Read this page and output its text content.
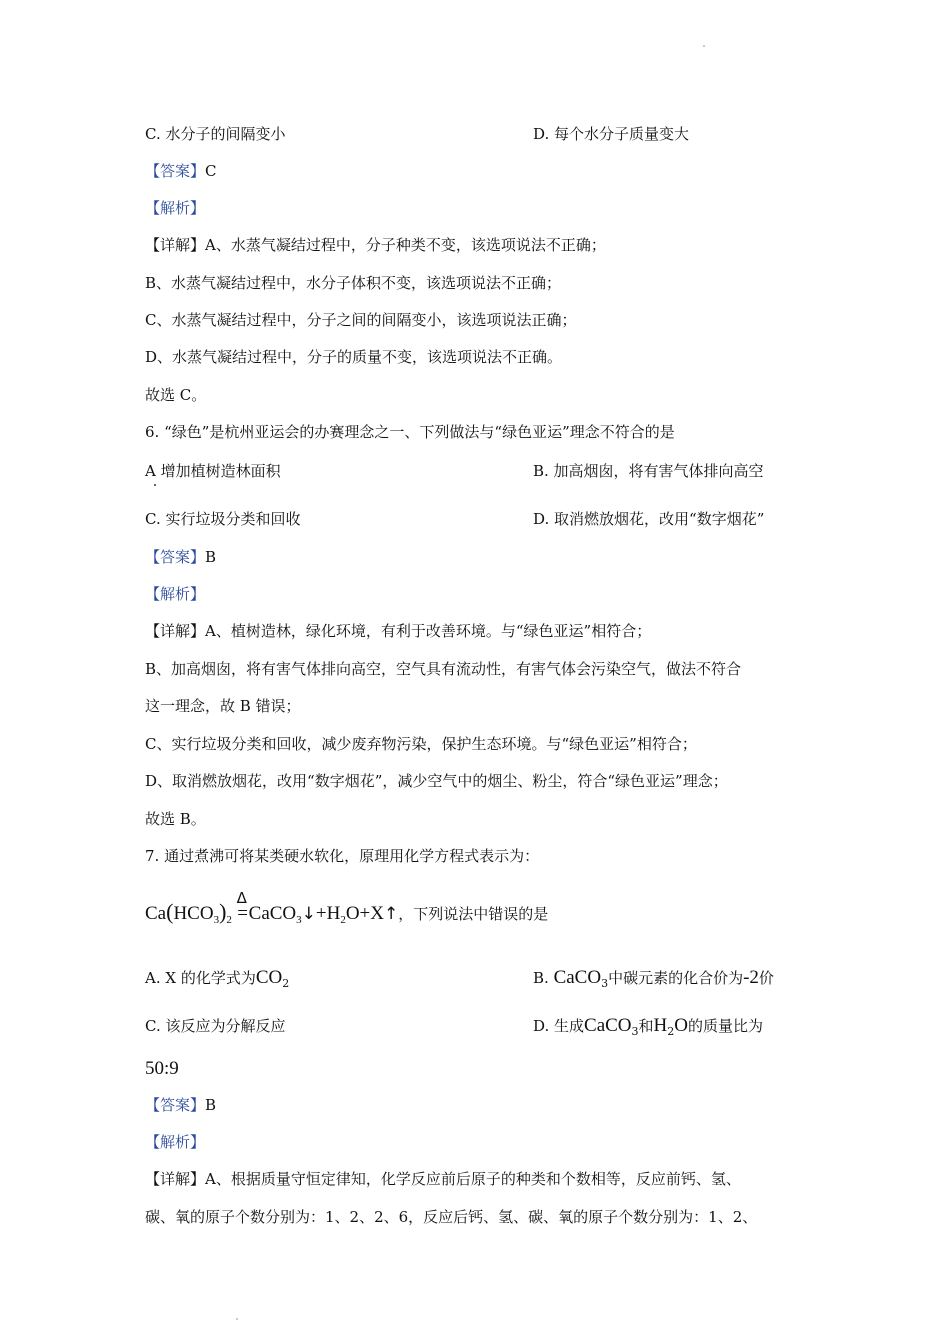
C. 水分子的间隔变小	D. 每个水分子质量变大
【答案】C
【解析】
【详解】A、水蒸气凝结过程中，分子种类不变，该选项说法不正确；
B、水蒸气凝结过程中，水分子体积不变，该选项说法不正确；
C、水蒸气凝结过程中，分子之间的间隔变小，该选项说法正确；
D、水蒸气凝结过程中，分子的质量不变，该选项说法不正确。
故选 C。
6. “绿色”是杭州亚运会的办赛理念之一、下列做法与“绿色亚运”理念不符合的是
A 增加植树造林面积	B. 加高烟囱，将有害气体排向高空
C. 实行垃圾分类和回收	D. 取消燃放烟花，改用“数字烟花”
【答案】B
【解析】
【详解】A、植树造林，绿化环境，有利于改善环境。与“绿色亚运”相符合；
B、加高烟囱，将有害气体排向高空，空气具有流动性，有害气体会污染空气，做法不符合
这一理念，故 B 错误；
C、实行垃圾分类和回收，减少废弃物污染，保护生态环境。与“绿色亚运”相符合；
D、取消燃放烟花，改用“数字烟花”，减少空气中的烟尘、粉尘，符合“绿色亚运”理念；
故选 B。
7. 通过煮沸可将某类硬水软化，原理用化学方程式表示为：
$Ca(HCO_3)_2$
Δ
$=CaCO_3↓+H_2O+X↑$，下列说法中错误的是
A. X 的化学式为$CO_2$	B. CaCO$_3$中碳元素的化合价为-2价
C. 该反应为分解反应	D. 生成CaCO$_3$和$H_2O$的质量比为
50:9
【答案】B
【解析】
【详解】A、根据质量守恒定律知，化学反应前后原子的种类和个数相等，反应前钙、氢、
碳、氧的原子个数分别为：1、2、2、6，反应后钙、氢、碳、氧的原子个数分别为：1、2、
